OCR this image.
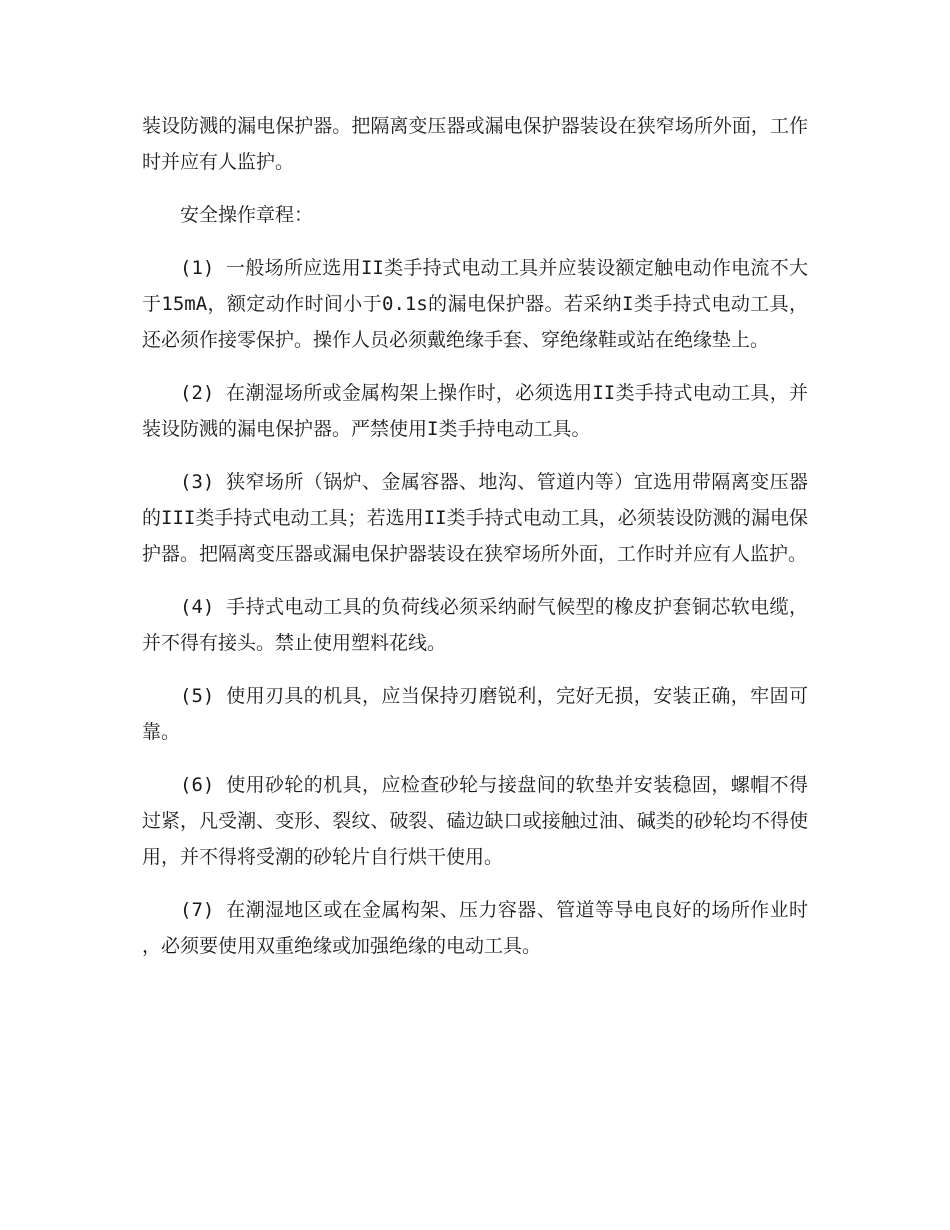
装设防溅的漏电保护器。把隔离变压器或漏电保护器装设在狭窄场所外面，工作时并应有人监护。

安全操作章程：

(1) 一般场所应选用II类手持式电动工具并应装设额定触电动作电流不大于15mA，额定动作时间小于0.1s的漏电保护器。若采纳I类手持式电动工具，还必须作接零保护。操作人员必须戴绝缘手套、穿绝缘鞋或站在绝缘垫上。

(2) 在潮湿场所或金属构架上操作时，必须选用II类手持式电动工具，并装设防溅的漏电保护器。严禁使用I类手持电动工具。

(3) 狭窄场所（锅炉、金属容器、地沟、管道内等）宜选用带隔离变压器的III类手持式电动工具；若选用II类手持式电动工具，必须装设防溅的漏电保护器。把隔离变压器或漏电保护器装设在狭窄场所外面，工作时并应有人监护。

(4) 手持式电动工具的负荷线必须采纳耐气候型的橡皮护套铜芯软电缆，并不得有接头。禁止使用塑料花线。

(5) 使用刃具的机具，应当保持刃磨锐利，完好无损，安装正确，牢固可靠。

(6) 使用砂轮的机具，应检查砂轮与接盘间的软垫并安装稳固，螺帽不得过紧，凡受潮、变形、裂纹、破裂、磕边缺口或接触过油、碱类的砂轮均不得使用，并不得将受潮的砂轮片自行烘干使用。

(7) 在潮湿地区或在金属构架、压力容器、管道等导电良好的场所作业时，必须要使用双重绝缘或加强绝缘的电动工具。
